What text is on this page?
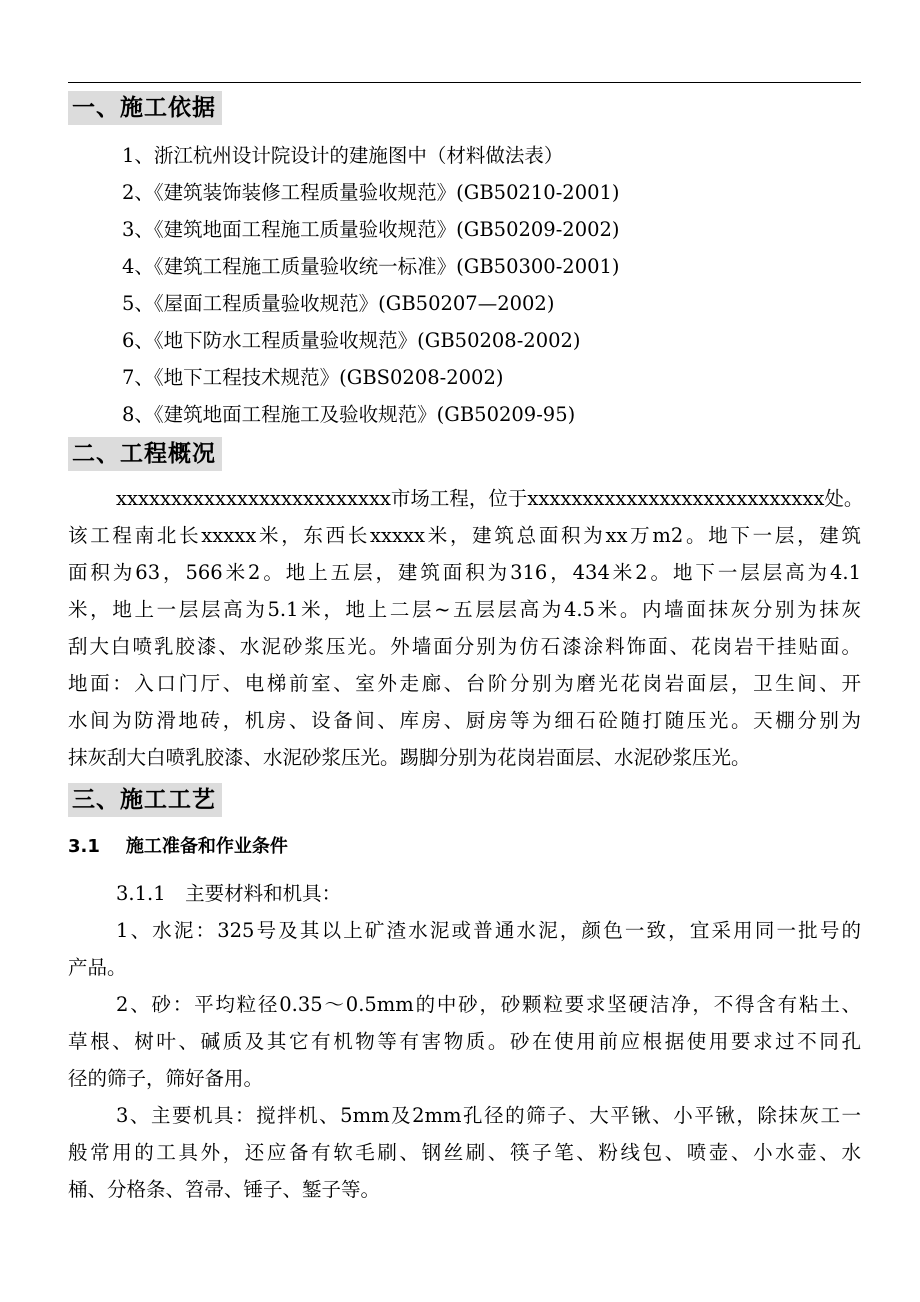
一、施工依据
1、浙江杭州设计院设计的建施图中（材料做法表）
2、《建筑装饰装修工程质量验收规范》(GB50210-2001)
3、《建筑地面工程施工质量验收规范》(GB50209-2002)
4、《建筑工程施工质量验收统一标准》(GB50300-2001)
5、《屋面工程质量验收规范》(GB50207—2002)
6、《地下防水工程质量验收规范》(GB50208-2002)
7、《地下工程技术规范》(GBS0208-2002)
8、《建筑地面工程施工及验收规范》(GB50209-95)
二、工程概况
xxxxxxxxxxxxxxxxxxxxxxxxx市场工程，位于xxxxxxxxxxxxxxxxxxxxxxxxxxx处。
该工程南北长xxxxx米，东西长xxxxx米，建筑总面积为xx万m2。地下一层，建筑
面积为63，566米2。地上五层，建筑面积为316，434米2。地下一层层高为4.1
米，地上一层层高为5.1米，地上二层~五层层高为4.5米。内墙面抹灰分别为抹灰
刮大白喷乳胶漆、水泥砂浆压光。外墙面分别为仿石漆涂料饰面、花岗岩干挂贴面。
地面：入口门厅、电梯前室、室外走廊、台阶分别为磨光花岗岩面层，卫生间、开
水间为防滑地砖，机房、设备间、库房、厨房等为细石砼随打随压光。天棚分别为
抹灰刮大白喷乳胶漆、水泥砂浆压光。踢脚分别为花岗岩面层、水泥砂浆压光。
三、施工工艺
3.1 施工准备和作业条件
3.1.1　主要材料和机具：
1、水泥：325号及其以上矿渣水泥或普通水泥，颜色一致，宜采用同一批号的
产品。
2、砂：平均粒径0.35～0.5mm的中砂，砂颗粒要求坚硬洁净，不得含有粘土、
草根、树叶、碱质及其它有机物等有害物质。砂在使用前应根据使用要求过不同孔
径的筛子，筛好备用。
3、主要机具：搅拌机、5mm及2mm孔径的筛子、大平锹、小平锹，除抹灰工一
般常用的工具外，还应备有软毛刷、钢丝刷、筷子笔、粉线包、喷壶、小水壶、水
桶、分格条、笤帚、锤子、錾子等。
